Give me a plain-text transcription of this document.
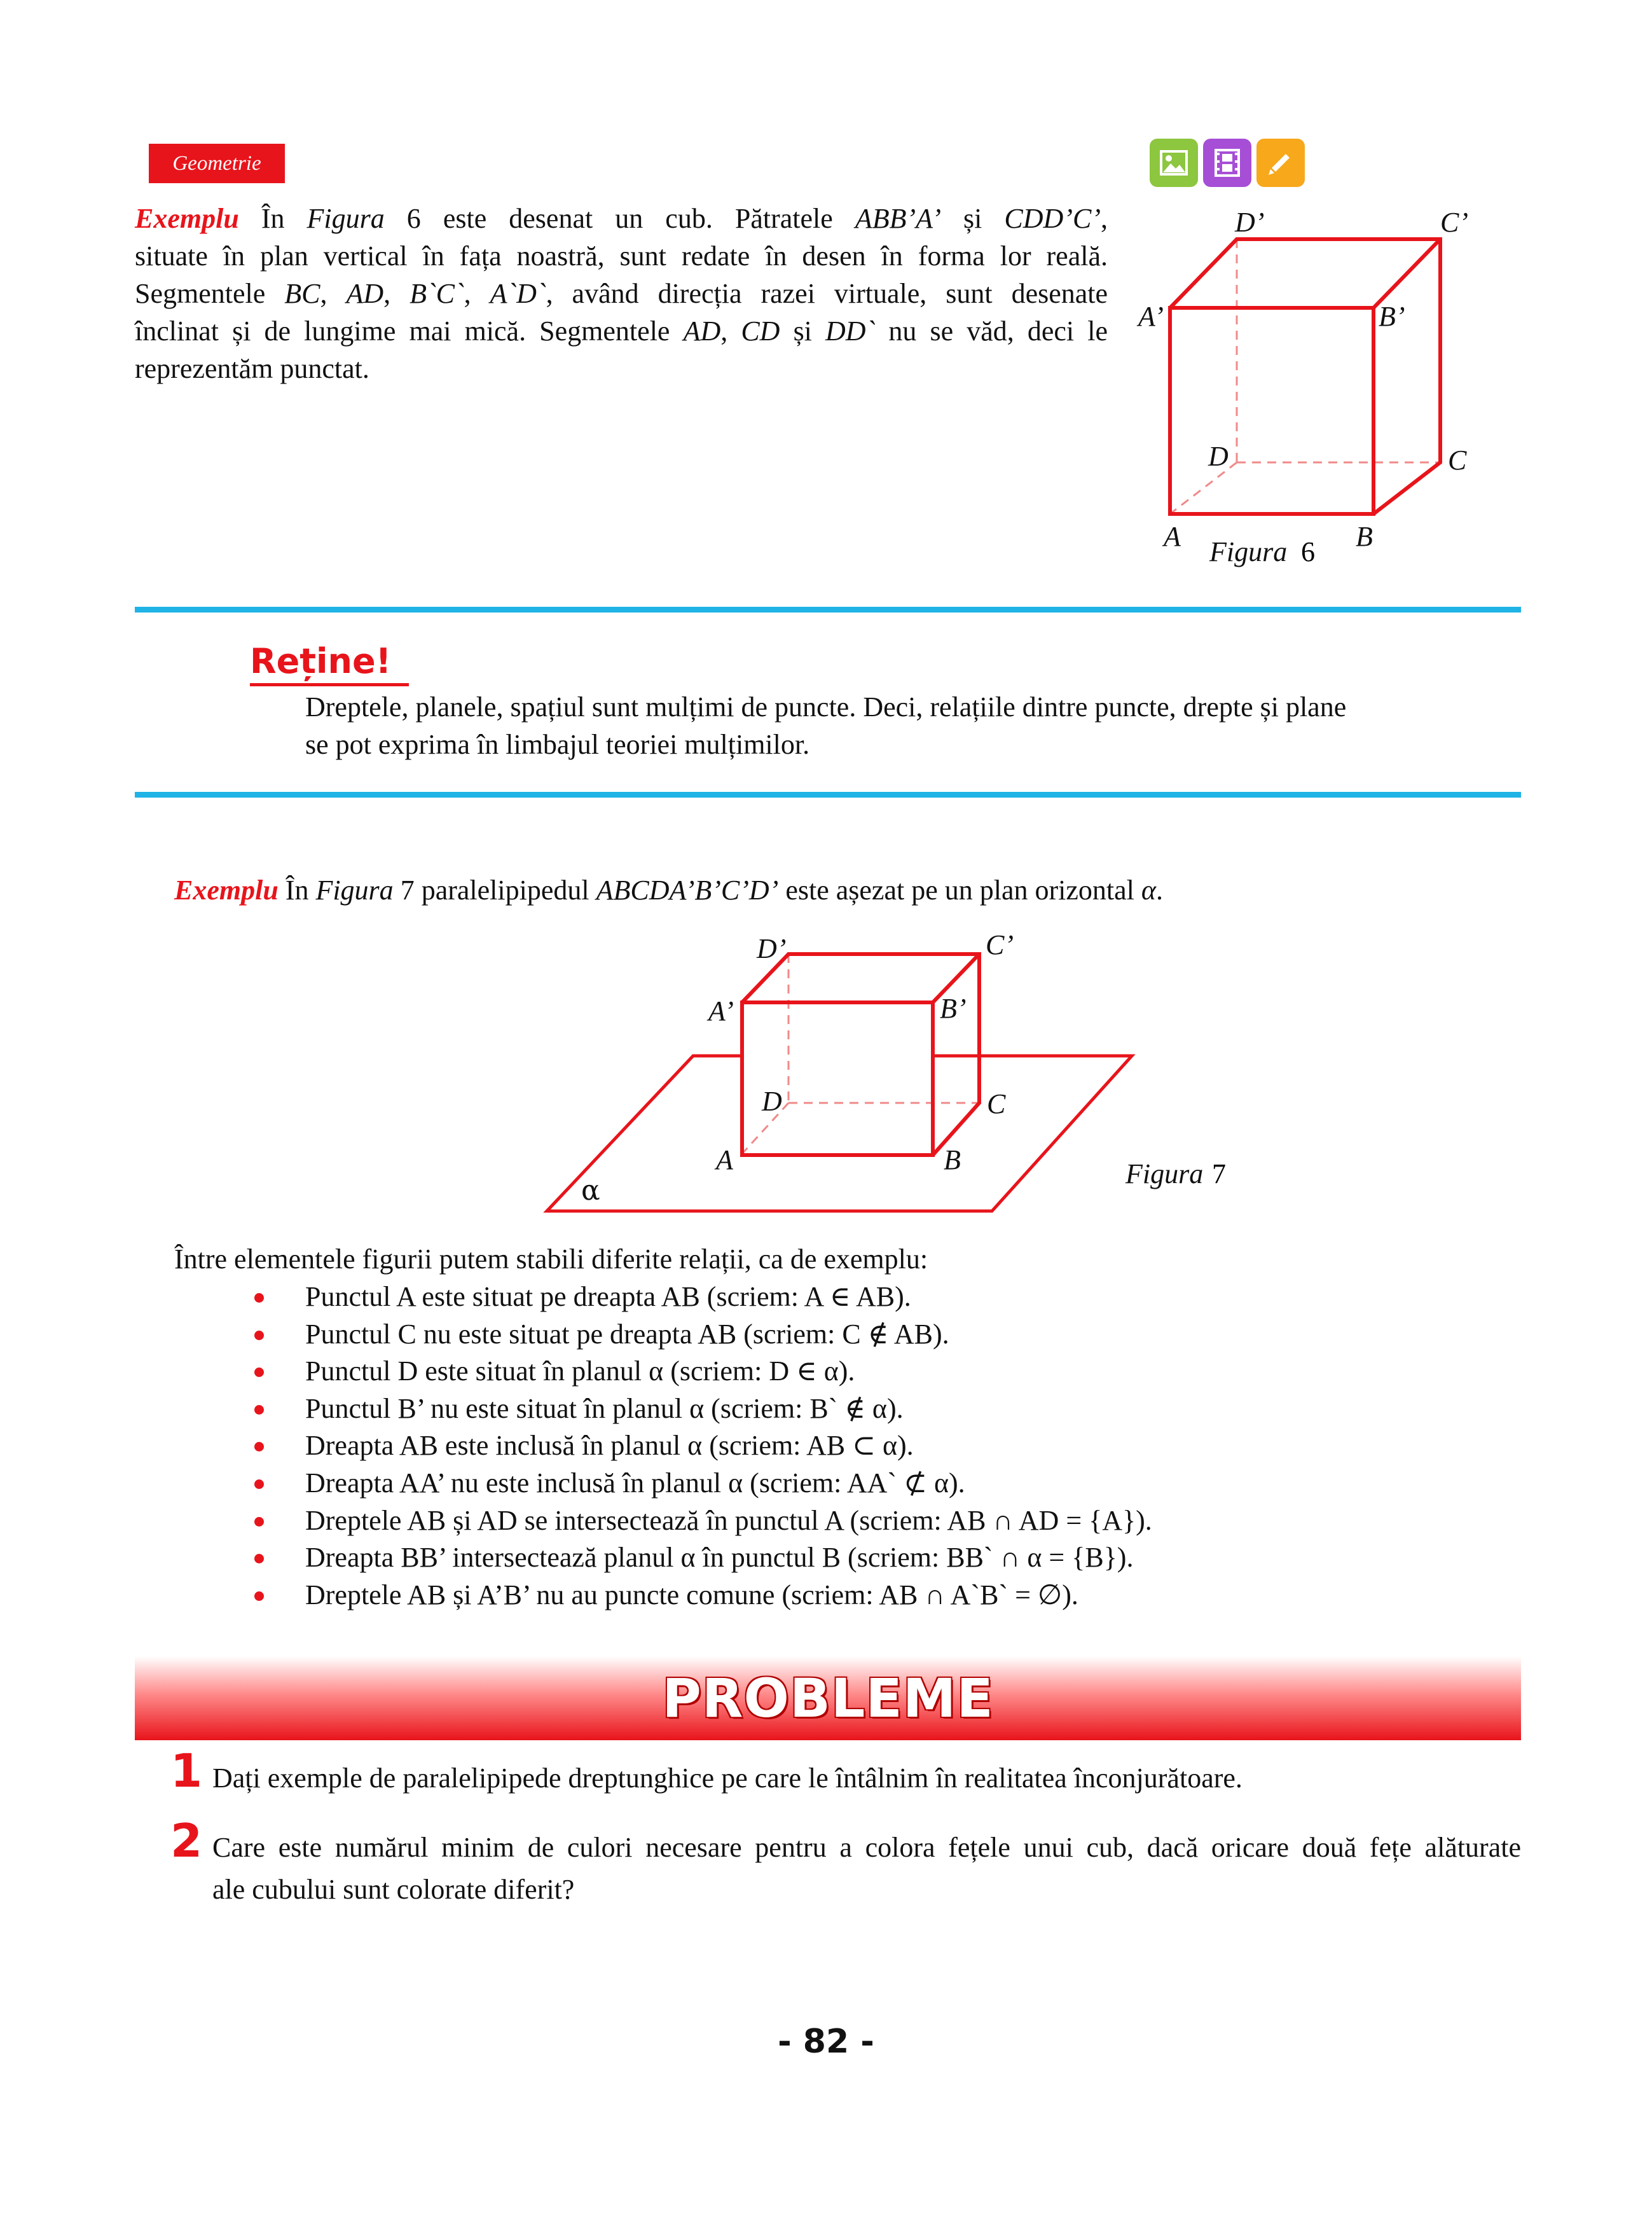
Geometrie
Exemplu În Figura 6 este desenat un cub. Pătratele ABB’A’ și CDD’C’,
situate în plan vertical în fața noastră, sunt redate în desen în forma lor reală.
Segmentele BC, AD, B`C`, A`D`, având direcția razei virtuale, sunt desenate
înclinat și de lungime mai mică. Segmentele AD, CD și DD` nu se văd, deci le
reprezentăm punctat.
D’	C’
A’	B’
D	C
A	B
Figura 6
Reține!
Dreptele, planele, spațiul sunt mulțimi de puncte. Deci, relațiile dintre puncte, drepte și plane
se pot exprima în limbajul teoriei mulțimilor.
Exemplu În Figura 7 paralelipipedul ABCDA’B’C’D’ este așezat pe un plan orizontal α.
D’	C’
A’	B’
D	C
A	B
α
Figura 7
Între elementele figurii putem stabili diferite relații, ca de exemplu:
Punctul A este situat pe dreapta AB (scriem: A ∈ AB).
Punctul C nu este situat pe dreapta AB (scriem: C ∉ AB).
Punctul D este situat în planul α (scriem: D ∈ α).
Punctul B’ nu este situat în planul α (scriem: B` ∉ α).
Dreapta AB este inclusă în planul α (scriem: AB ⊂ α).
Dreapta AA’ nu este inclusă în planul α (scriem: AA` ⊄ α).
Dreptele AB și AD se intersectează în punctul A (scriem: AB ∩ AD = {A}).
Dreapta BB’ intersectează planul α în punctul B (scriem: BB` ∩ α = {B}).
Dreptele AB și A’B’ nu au puncte comune (scriem: AB ∩ A`B` = ∅).
PROBLEME
1 Dați exemple de paralelipipede dreptunghice pe care le întâlnim în realitatea înconjurătoare.
2 Care este numărul minim de culori necesare pentru a colora fețele unui cub, dacă oricare două fețe alăturate
ale cubului sunt colorate diferit?
- 82 -
